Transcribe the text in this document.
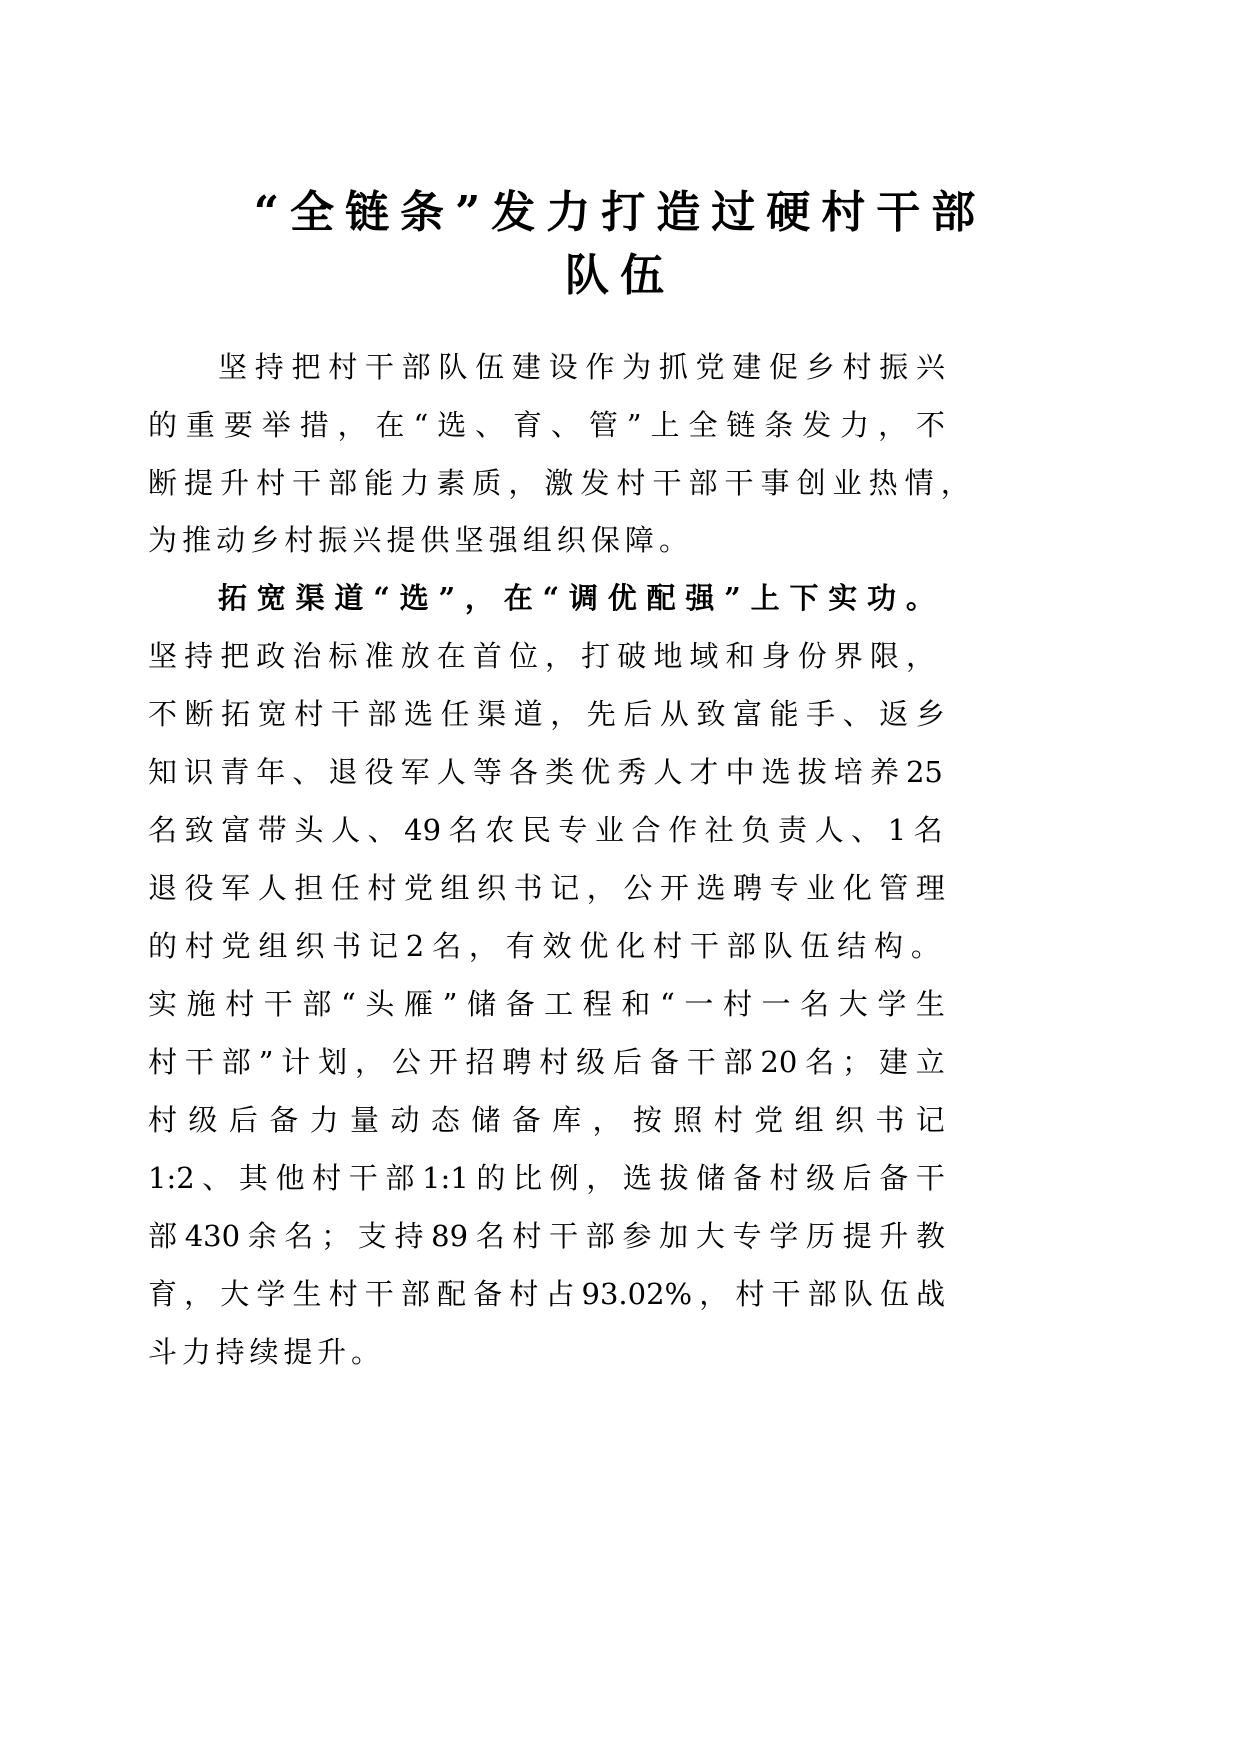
“全链条”发力打造过硬村干部
队伍
坚 持 把 村 干 部 队 伍 建 设 作 为 抓 党 建 促 乡 村 振 兴
的 重 要 举 措 ， 在 “ 选 、 育 、 管 ” 上 全 链 条 发 力 ， 不
断 提 升 村 干 部 能 力 素 质 ， 激 发 村 干 部 干 事 创 业 热 情 ，
为 推 动 乡 村 振 兴 提 供 坚 强 组 织 保 障 。
拓 宽 渠 道 “ 选 ” ， 在 “ 调 优 配 强 ” 上 下 实 功 。
坚 持 把 政 治 标 准 放 在 首 位 ， 打 破 地 域 和 身 份 界 限 ，
不 断 拓 宽 村 干 部 选 任 渠 道 ， 先 后 从 致 富 能 手 、 返 乡
知 识 青 年 、 退 役 军 人 等 各 类 优 秀 人 才 中 选 拔 培 养 25
名 致 富 带 头 人 、 49 名 农 民 专 业 合 作 社 负 责 人 、 1 名
退 役 军 人 担 任 村 党 组 织 书 记 ， 公 开 选 聘 专 业 化 管 理
的 村 党 组 织 书 记 2 名 ， 有 效 优 化 村 干 部 队 伍 结 构 。
实 施 村 干 部 “ 头 雁 ” 储 备 工 程 和 “ 一 村 一 名 大 学 生
村 干 部 ” 计 划 ， 公 开 招 聘 村 级 后 备 干 部 20 名 ； 建 立
村 级 后 备 力 量 动 态 储 备 库 ， 按 照 村 党 组 织 书 记
1:2 、 其 他 村 干 部 1:1 的 比 例 ， 选 拔 储 备 村 级 后 备 干
部 430 余 名 ； 支 持 89 名 村 干 部 参 加 大 专 学 历 提 升 教
育 ， 大 学 生 村 干 部 配 备 村 占 93.02% ， 村 干 部 队 伍 战
斗 力 持 续 提 升 。
